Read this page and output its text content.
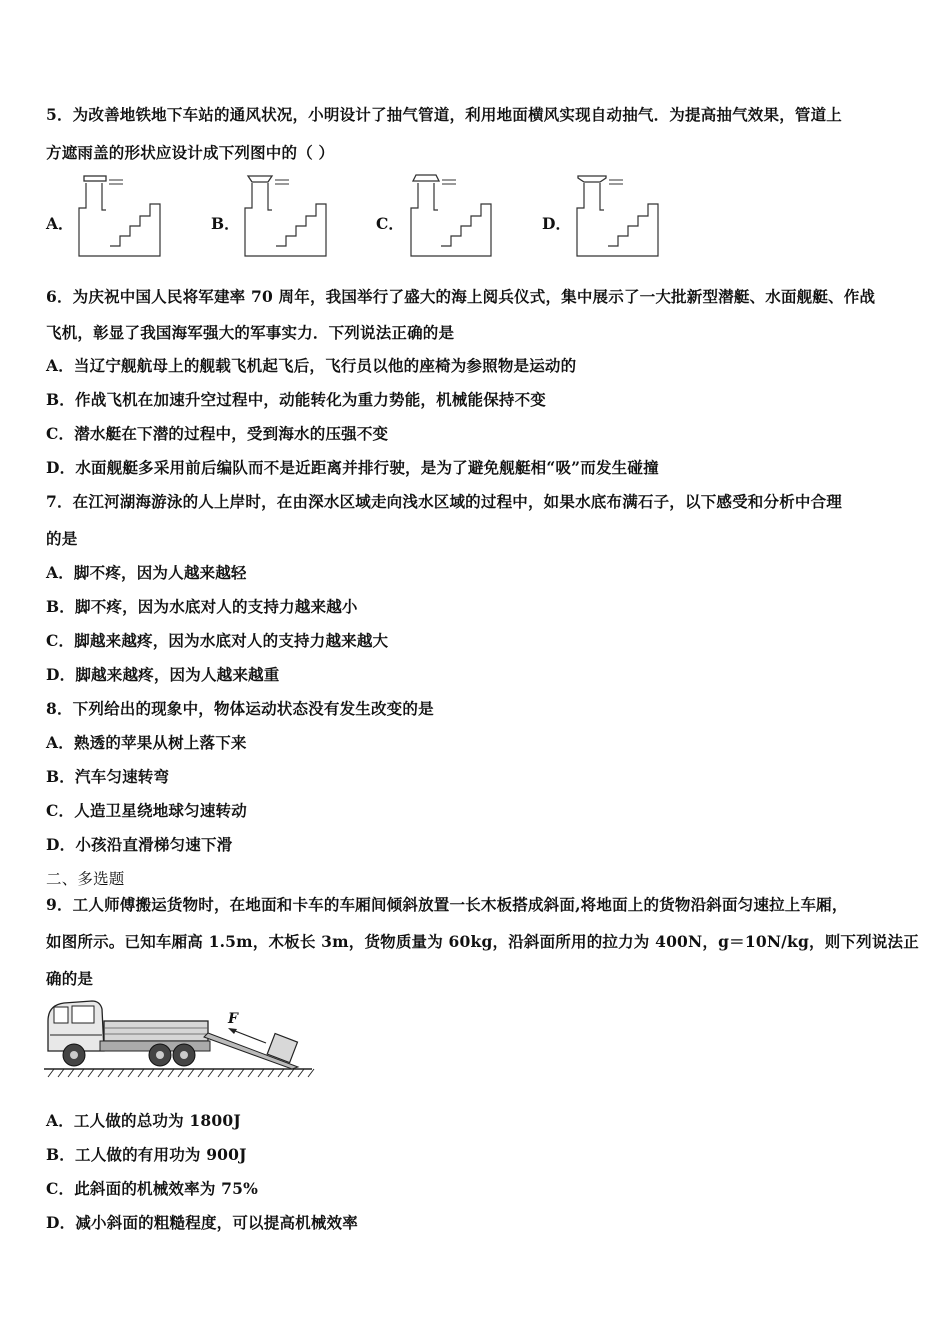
5．为改善地铁地下车站的通风状况，小明设计了抽气管道，利用地面横风实现自动抽气．为提高抽气效果，管道上
方遮雨盖的形状应设计成下列图中的（ ）
A．	B．	C．	D．
6．为庆祝中国人民将军建率 70 周年，我国举行了盛大的海上阅兵仪式，集中展示了一大批新型潜艇、水面舰艇、作战
飞机，彰显了我国海军强大的军事实力．下列说法正确的是
A．当辽宁舰航母上的舰载飞机起飞后，飞行员以他的座椅为参照物是运动的
B．作战飞机在加速升空过程中，动能转化为重力势能，机械能保持不变
C．潜水艇在下潜的过程中，受到海水的压强不变
D．水面舰艇多采用前后编队而不是近距离并排行驶，是为了避免舰艇相“吸”而发生碰撞
7．在江河湖海游泳的人上岸时，在由深水区域走向浅水区域的过程中，如果水底布满石子，以下感受和分析中合理
的是
A．脚不疼，因为人越来越轻
B．脚不疼，因为水底对人的支持力越来越小
C．脚越来越疼，因为水底对人的支持力越来越大
D．脚越来越疼，因为人越来越重
8．下列给出的现象中，物体运动状态没有发生改变的是
A．熟透的苹果从树上落下来
B．汽车匀速转弯
C．人造卫星绕地球匀速转动
D．小孩沿直滑梯匀速下滑
二、多选题
9．工人师傅搬运货物时，在地面和卡车的车厢间倾斜放置一长木板搭成斜面,将地面上的货物沿斜面匀速拉上车厢，
如图所示。已知车厢高 1.5m，木板长 3m，货物质量为 60kg，沿斜面所用的拉力为 400N，g＝10N/kg，则下列说法正
确的是
F
A．工人做的总功为 1800J
B．工人做的有用功为 900J
C．此斜面的机械效率为 75%
D．减小斜面的粗糙程度，可以提高机械效率
